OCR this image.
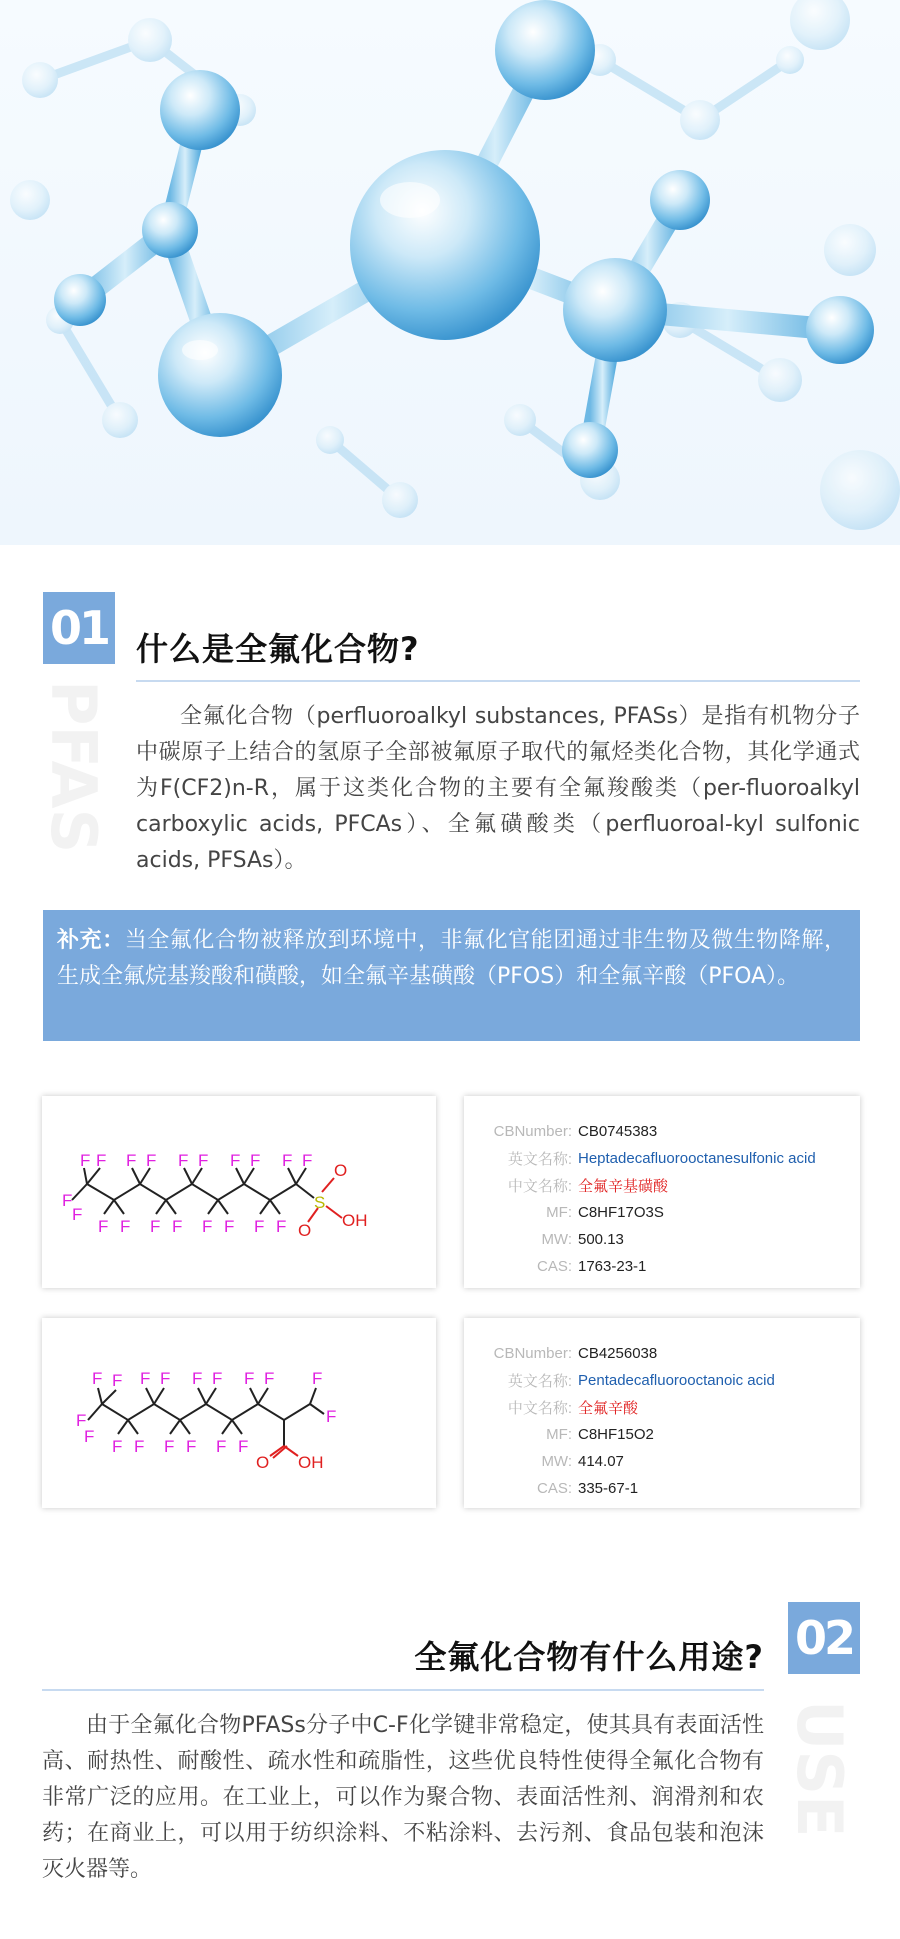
01
PFAS
什么是全氟化合物?
全氟化合物（perfluoroalkyl substances, PFASs）是指有机物分子中碳原子上结合的氢原子全部被氟原子取代的氟烃类化合物，其化学通式为F(CF2)n-R，属于这类化合物的主要有全氟羧酸类（per-fluoroalkyl carboxylic acids, PFCAs）、全氟磺酸类（perfluoroal-kyl sulfonic acids, PFSAs）。
补充：当全氟化合物被释放到环境中，非氟化官能团通过非生物及微生物降解，生成全氟烷基羧酸和磺酸，如全氟辛基磺酸（PFOS）和全氟辛酸（PFOA）。
F
F
F
F
F F
F F
F F
F F
F F
F F
F F
F F
S
O
O
OH
CBNumber:	CB0745383
英文名称:	Heptadecafluorooctanesulfonic acid
中文名称:	全氟辛基磺酸
MF:	C8HF17O3S
MW:	500.13
CAS:	1763-23-1
F
F
F
F
F F
F F
F F
F F
F F
F F F
F
O OH
CBNumber:	CB4256038
英文名称:	Pentadecafluorooctanoic acid
中文名称:	全氟辛酸
MF:	C8HF15O2
MW:	414.07
CAS:	335-67-1
02
USE
全氟化合物有什么用途?
由于全氟化合物PFASs分子中C-F化学键非常稳定，使其具有表面活性高、耐热性、耐酸性、疏水性和疏脂性，这些优良特性使得全氟化合物有非常广泛的应用。在工业上，可以作为聚合物、表面活性剂、润滑剂和农药；在商业上，可以用于纺织涂料、不粘涂料、去污剂、食品包装和泡沫灭火器等。
